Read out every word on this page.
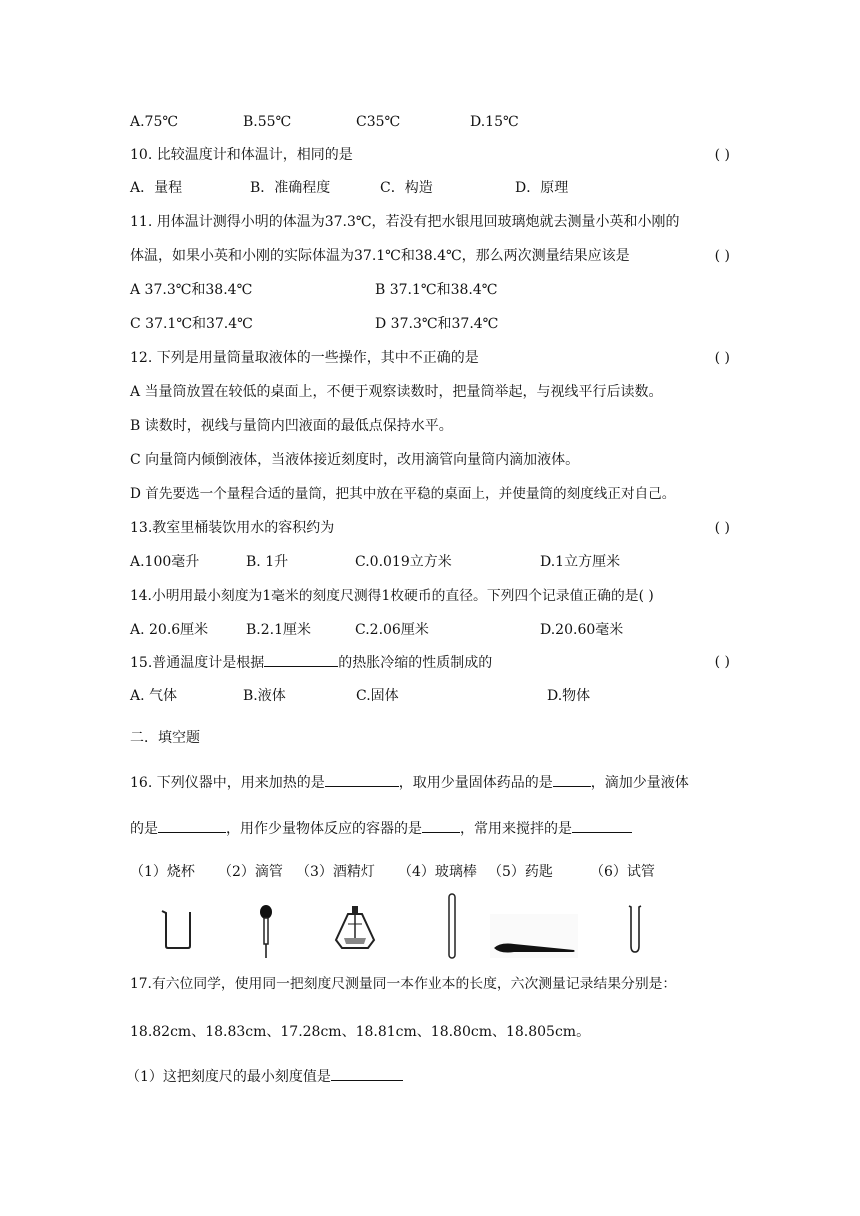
A.75℃	B.55℃	C35℃	D.15℃
10. 比较温度计和体温计，相同的是	( )
A．量程	B．准确程度	C．构造	D．原理
11. 用体温计测得小明的体温为37.3℃，若没有把水银甩回玻璃炮就去测量小英和小刚的
体温，如果小英和小刚的实际体温为37.1℃和38.4℃，那么两次测量结果应该是	( )
A 37.3℃和38.4℃	B 37.1℃和38.4℃
C 37.1℃和37.4℃	D 37.3℃和37.4℃
12. 下列是用量筒量取液体的一些操作，其中不正确的是	( )
A 当量筒放置在较低的桌面上，不便于观察读数时，把量筒举起，与视线平行后读数。
B 读数时，视线与量筒内凹液面的最低点保持水平。
C 向量筒内倾倒液体，当液体接近刻度时，改用滴管向量筒内滴加液体。
D 首先要选一个量程合适的量筒，把其中放在平稳的桌面上，并使量筒的刻度线正对自己。
13.教室里桶装饮用水的容积约为	( )
A.100毫升	B. 1升	C.0.019立方米	D.1立方厘米
14.小明用最小刻度为1毫米的刻度尺测得1枚硬币的直径。下列四个记录值正确的是( )
A. 20.6厘米	B.2.1厘米	C.2.06厘米	D.20.60毫米
15.普通温度计是根据	的热胀冷缩的性质制成的	( )
A. 气体	B.液体	C.固体	D.物体
二．填空题
16. 下列仪器中，用来加热的是	，取用少量固体药品的是	，滴加少量液体
的是	，用作少量物体反应的容器的是	，常用来搅拌的是
（1）烧杯 （2）滴管 （3）酒精灯 （4）玻璃棒 （5）药匙	（6）试管
17.有六位同学，使用同一把刻度尺测量同一本作业本的长度，六次测量记录结果分别是：
18.82cm、18.83cm、17.28cm、18.81cm、18.80cm、18.805cm。
（1）这把刻度尺的最小刻度值是
